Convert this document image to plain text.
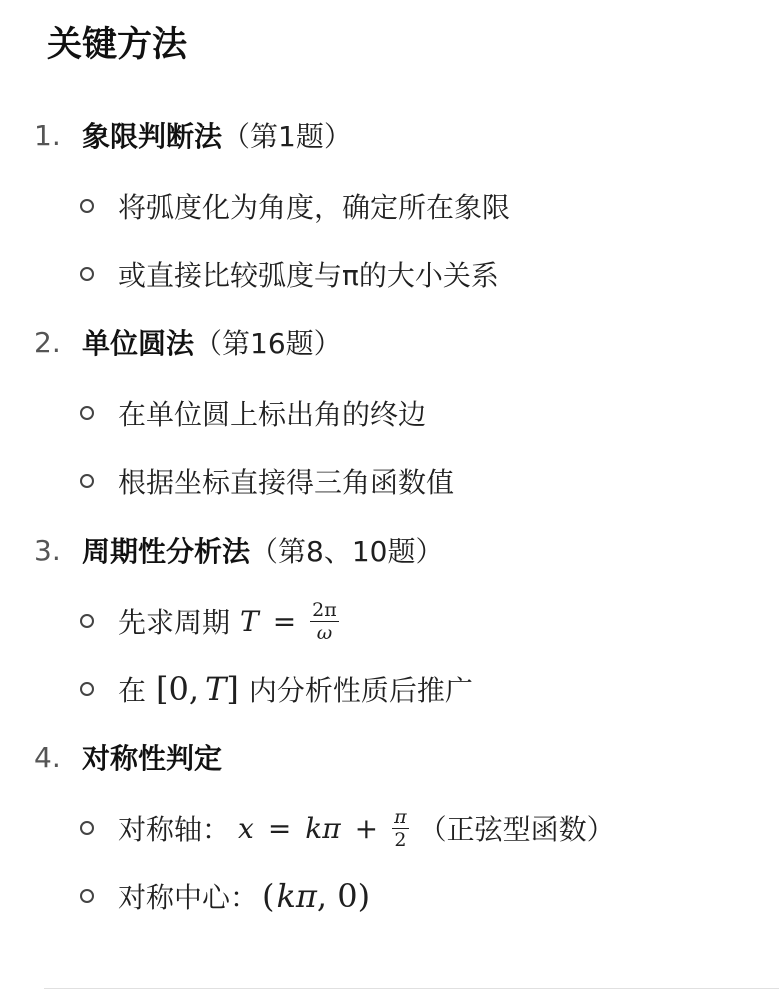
关键方法
1. 象限判断法 （第1题）
将弧度化为角度，确定所在象限
或直接比较弧度与π的大小关系
2. 单位圆法 （第16题）
在单位圆上标出角的终边
根据坐标直接得三角函数值
3. 周期性分析法 （第8、10题）
先求周期 $T = \frac{2\pi}{\omega}$
在 [0, T ] 内分析性质后推广
4. 对称性判定
对称轴： $x = k\pi + \frac{\pi}{2}$ （正弦型函数）
对称中心： ( kπ , 0 )
